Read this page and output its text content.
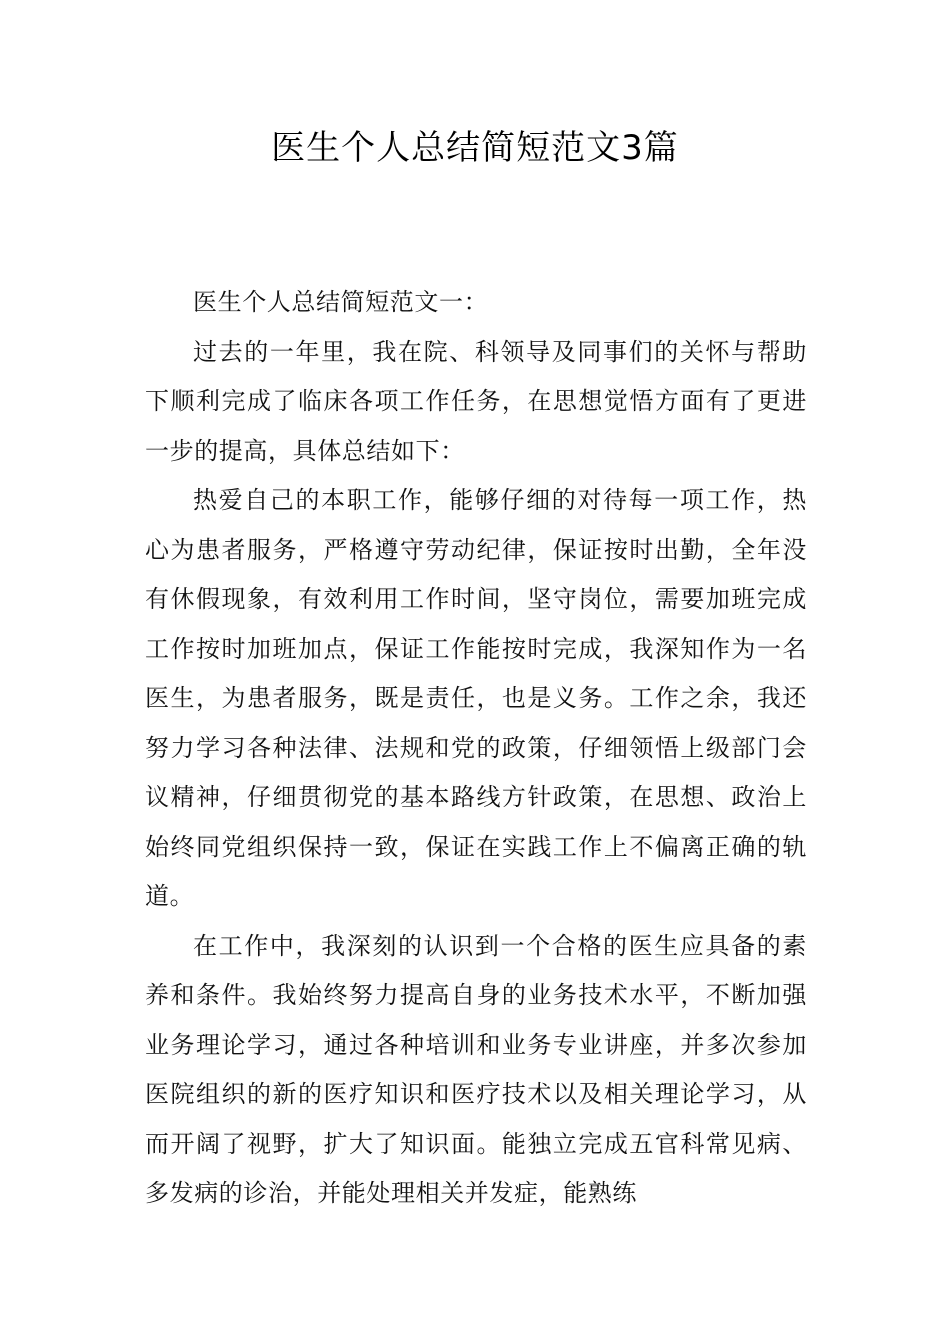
医生个人总结简短范文3篇

医生个人总结简短范文一：

过去的一年里，我在院、科领导及同事们的关怀与帮助下顺利完成了临床各项工作任务，在思想觉悟方面有了更进一步的提高，具体总结如下：

热爱自己的本职工作，能够仔细的对待每一项工作，热心为患者服务，严格遵守劳动纪律，保证按时出勤，全年没有休假现象，有效利用工作时间，坚守岗位，需要加班完成工作按时加班加点，保证工作能按时完成，我深知作为一名医生，为患者服务，既是责任，也是义务。工作之余，我还努力学习各种法律、法规和党的政策，仔细领悟上级部门会议精神，仔细贯彻党的基本路线方针政策，在思想、政治上始终同党组织保持一致，保证在实践工作上不偏离正确的轨道。

在工作中，我深刻的认识到一个合格的医生应具备的素养和条件。我始终努力提高自身的业务技术水平，不断加强业务理论学习，通过各种培训和业务专业讲座，并多次参加医院组织的新的医疗知识和医疗技术以及相关理论学习，从而开阔了视野，扩大了知识面。能独立完成五官科常见病、多发病的诊治，并能处理相关并发症，能熟练
